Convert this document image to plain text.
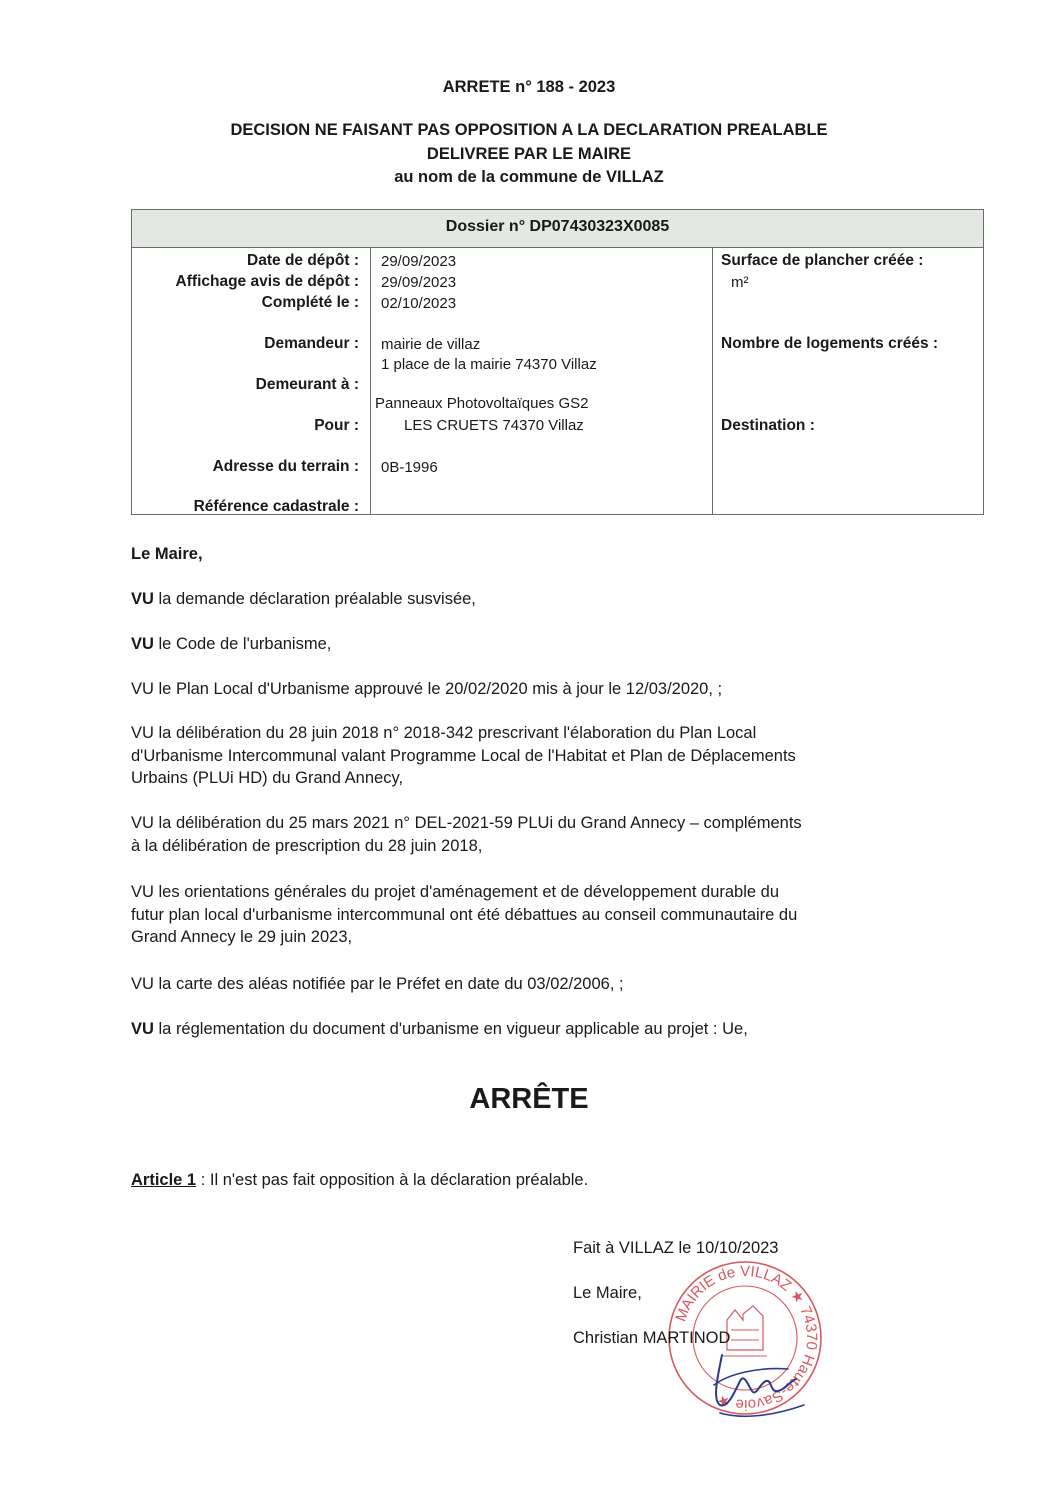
ARRETE n° 188 - 2023
DECISION NE FAISANT PAS OPPOSITION A LA DECLARATION PREALABLE
DELIVREE PAR LE MAIRE
au nom de la commune de VILLAZ
Dossier n° DP07430323X0085
Date de dépôt : 29/09/2023
Affichage avis de dépôt : 29/09/2023
Complété le : 02/10/2023
Demandeur : mairie de villaz
1 place de la mairie 74370 Villaz
Demeurant à :
Panneaux Photovoltaïques GS2
Pour :	LES CRUETS 74370 Villaz
Adresse du terrain : 0B-1996
Référence cadastrale :
Surface de plancher créée :
m²
Nombre de logements créés :
Destination :
Le Maire,
VU la demande déclaration préalable susvisée,
VU le Code de l'urbanisme,
VU le Plan Local d'Urbanisme approuvé le 20/02/2020 mis à jour le 12/03/2020, ;
VU la délibération du 28 juin 2018 n° 2018-342 prescrivant l'élaboration du Plan Local
d'Urbanisme Intercommunal valant Programme Local de l'Habitat et Plan de Déplacements
Urbains (PLUi HD) du Grand Annecy,
VU la délibération du 25 mars 2021 n° DEL-2021-59 PLUi du Grand Annecy – compléments
à la délibération de prescription du 28 juin 2018,
VU les orientations générales du projet d'aménagement et de développement durable du
futur plan local d'urbanisme intercommunal ont été débattues au conseil communautaire du
Grand Annecy le 29 juin 2023,
VU la carte des aléas notifiée par le Préfet en date du 03/02/2006, ;
VU la réglementation du document d'urbanisme en vigueur applicable au projet : Ue,
ARRÊTE
Article 1 : Il n'est pas fait opposition à la déclaration préalable.
Fait à VILLAZ le 10/10/2023
Le Maire,
MAIRIE de VILLAZ ★ 74370 Haute-Savoie ★
Christian MARTINOD
